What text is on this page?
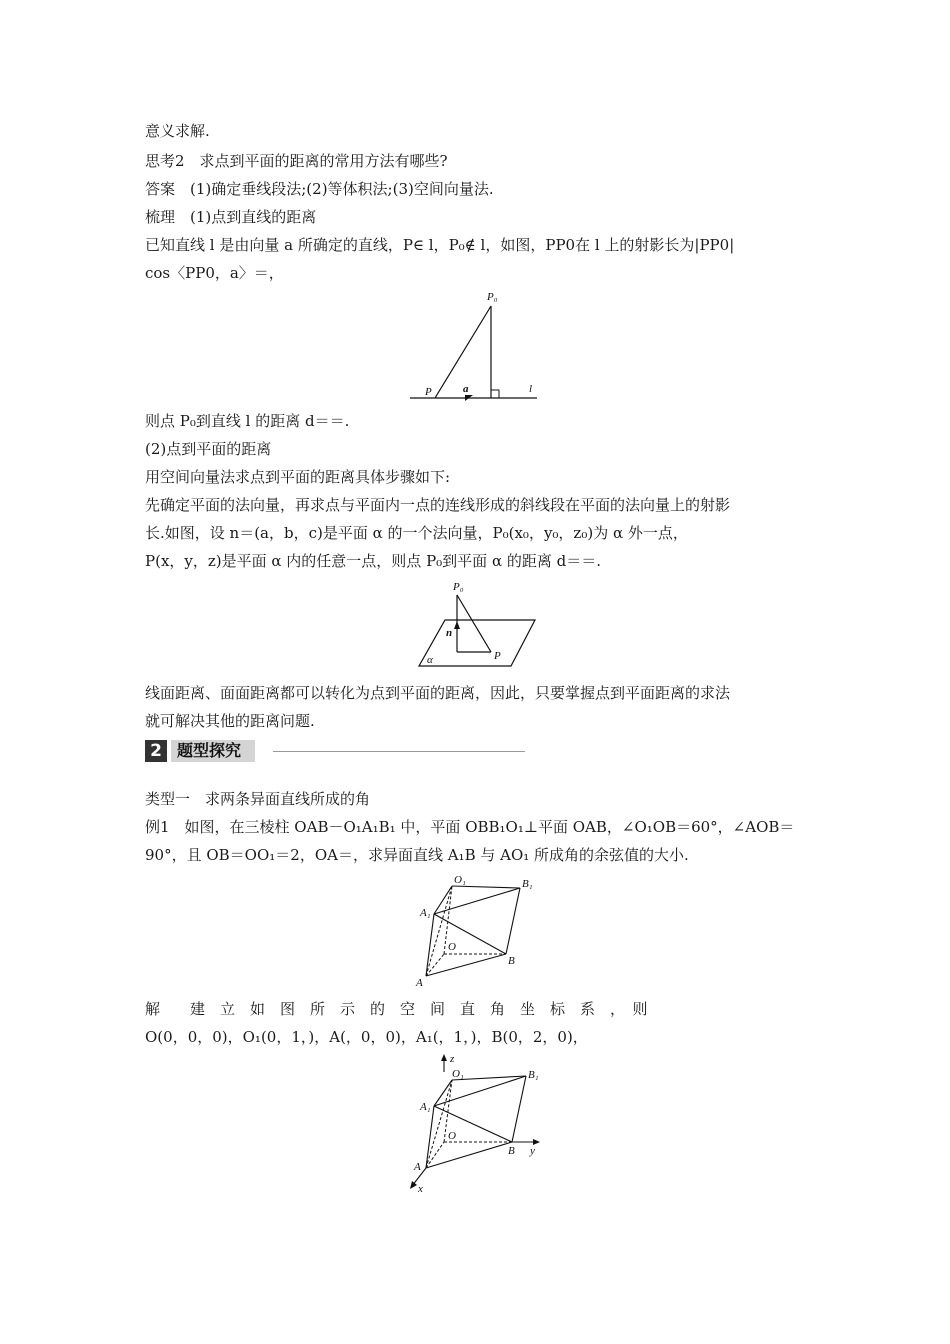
意义求解.
思考2　求点到平面的距离的常用方法有哪些?
答案　(1)确定垂线段法;(2)等体积法;(3)空间向量法.
梳理　(1)点到直线的距离
已知直线 l 是由向量 a 所确定的直线，P∈ l，P₀∉ l，如图，PP0在 l 上的射影长为|PP0|
cos〈PP0，a〉＝，
P₀
P	a	l
则点 P₀到直线 l 的距离 d＝＝.
(2)点到平面的距离
用空间向量法求点到平面的距离具体步骤如下:
先确定平面的法向量，再求点与平面内一点的连线形成的斜线段在平面的法向量上的射影
长.如图，设 n＝(a，b，c)是平面 α 的一个法向量，P₀(x₀，y₀，z₀)为 α 外一点，
P(x，y，z)是平面 α 内的任意一点，则点 P₀到平面 α 的距离 d＝＝.
P₀
n
P
α
线面距离、面面距离都可以转化为点到平面的距离，因此，只要掌握点到平面距离的求法
就可解决其他的距离问题.
2 题型探究
类型一　求两条异面直线所成的角
例1　如图，在三棱柱 OAB－O₁A₁B₁ 中，平面 OBB₁O₁⊥平面 OAB，∠O₁OB＝60°，∠AOB＝
90°，且 OB＝OO₁＝2，OA＝，求异面直线 A₁B 与 AO₁ 所成角的余弦值的大小.
O₁	B₁
A₁
O
B
A
解　　建　立　如　图　所　示　的　空　间　直　角　坐　标　系　，　则
O(0，0，0)，O₁(0，1，)，A(，0，0)，A₁(，1，)，B(0，2，0)，
z
O₁	B₁
A₁
O
B y
A
x
